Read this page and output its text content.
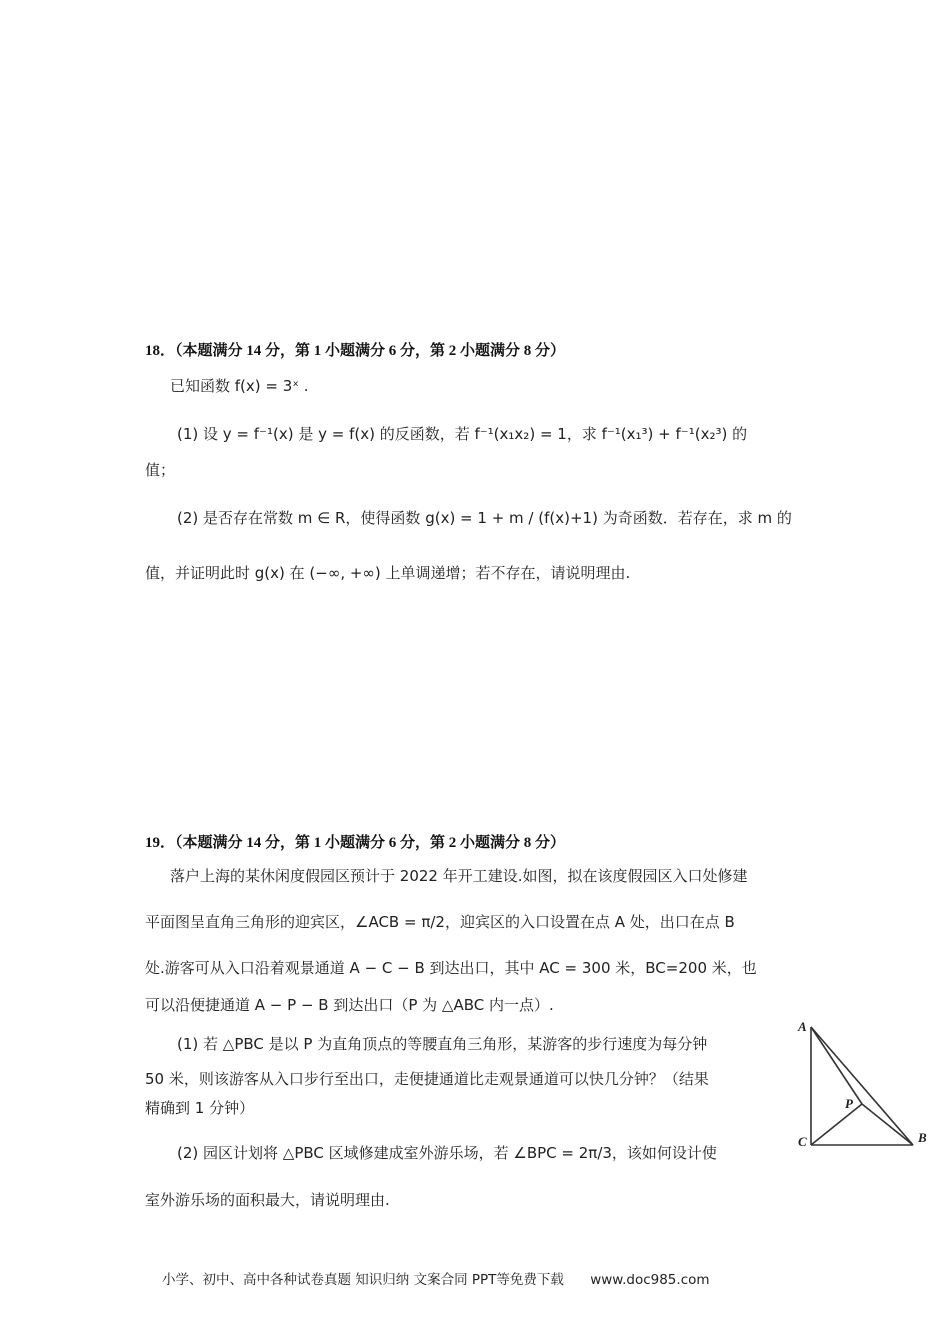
18．（本题满分 14 分，第 1 小题满分 6 分，第 2 小题满分 8 分）
已知函数 f(x) = 3ˣ .
(1) 设 y = f⁻¹(x) 是 y = f(x) 的反函数，若 f⁻¹(x₁x₂) = 1，求 f⁻¹(x₁³) + f⁻¹(x₂³) 的
值；
(2) 是否存在常数 m ∈ R，使得函数 g(x) = 1 + m / (f(x)+1) 为奇函数．若存在，求 m 的
值，并证明此时 g(x) 在 (−∞, +∞) 上单调递增；若不存在，请说明理由.
19．（本题满分 14 分，第 1 小题满分 6 分，第 2 小题满分 8 分）
落户上海的某休闲度假园区预计于 2022 年开工建设.如图，拟在该度假园区入口处修建
平面图呈直角三角形的迎宾区，∠ACB = π/2，迎宾区的入口设置在点 A 处，出口在点 B
处.游客可从入口沿着观景通道 A − C − B 到达出口，其中 AC = 300 米，BC=200 米，也
可以沿便捷通道 A − P − B 到达出口（P 为 △ABC 内一点）.
(1) 若 △PBC 是以 P 为直角顶点的等腰直角三角形，某游客的步行速度为每分钟
50 米，则该游客从入口步行至出口，走便捷通道比走观景通道可以快几分钟？（结果
精确到 1 分钟）
(2) 园区计划将 △PBC 区域修建成室外游乐场，若 ∠BPC = 2π/3，该如何设计使
室外游乐场的面积最大，请说明理由.
A
B
C
P
小学、初中、高中各种试卷真题 知识归纳 文案合同 PPT等免费下载 www.doc985.com
